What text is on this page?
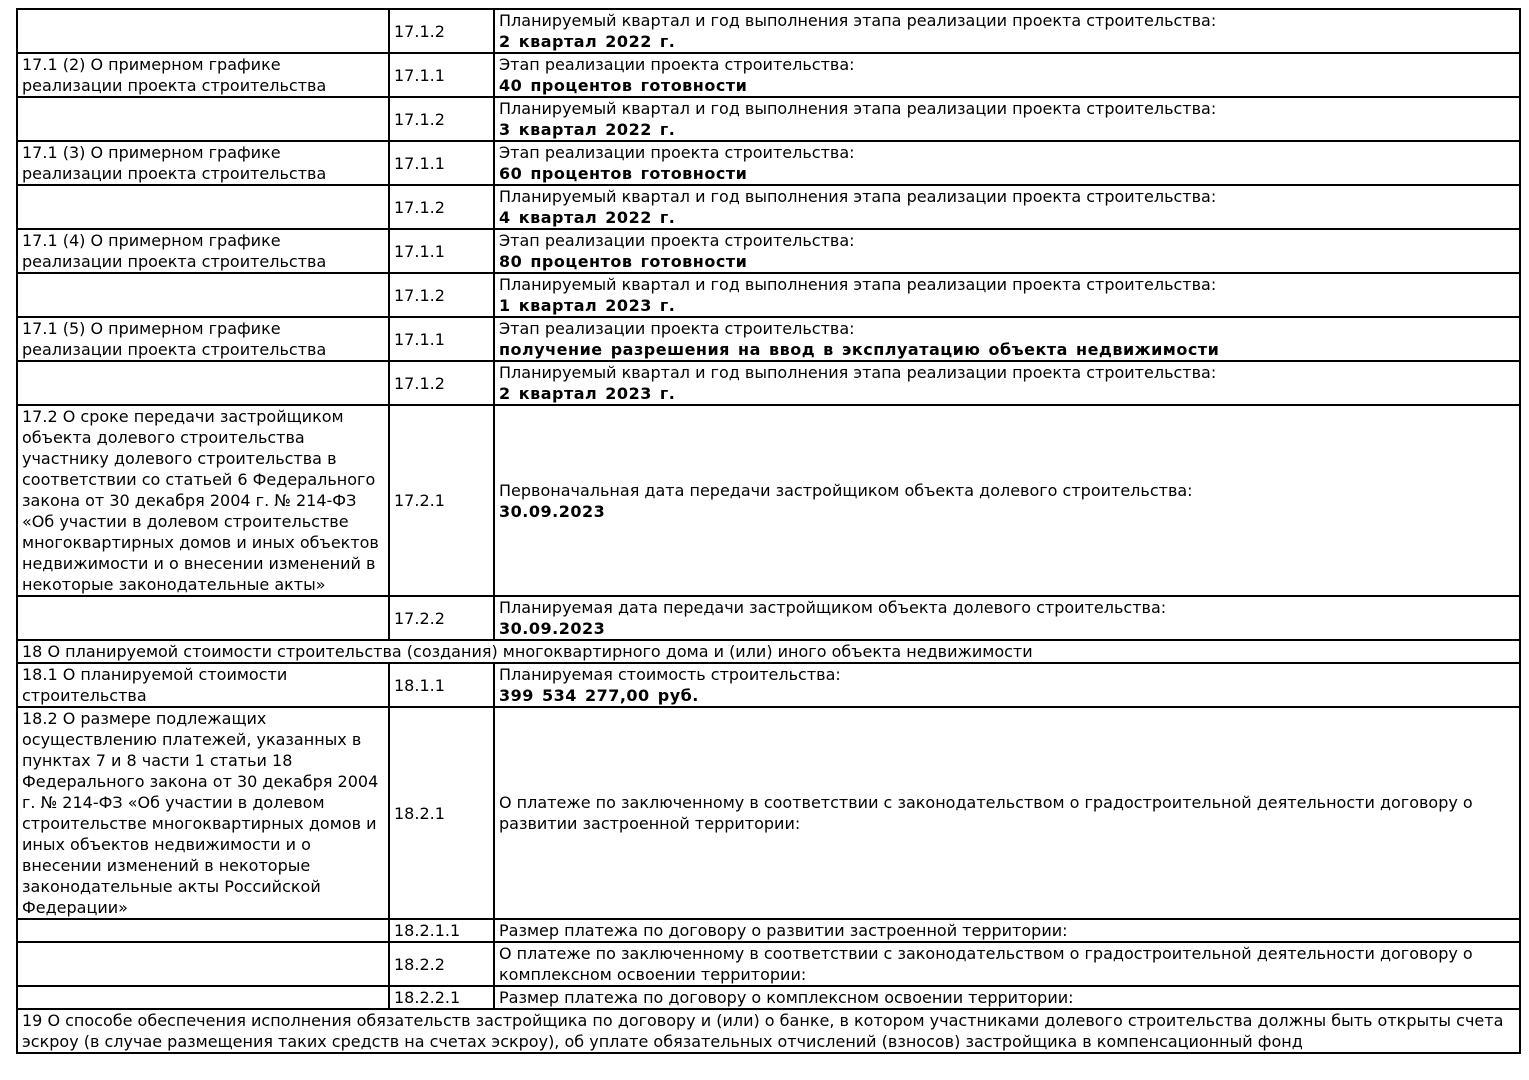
	17.1.2	Планируемый квартал и год выполнения этапа реализации проекта строительства:
2 квартал 2022 г.

17.1 (2) О примерном графике реализации проекта строительства	17.1.1	Этап реализации проекта строительства:
40 процентов готовности

	17.1.2	Планируемый квартал и год выполнения этапа реализации проекта строительства:
3 квартал 2022 г.

17.1 (3) О примерном графике реализации проекта строительства	17.1.1	Этап реализации проекта строительства:
60 процентов готовности

	17.1.2	Планируемый квартал и год выполнения этапа реализации проекта строительства:
4 квартал 2022 г.

17.1 (4) О примерном графике реализации проекта строительства	17.1.1	Этап реализации проекта строительства:
80 процентов готовности

	17.1.2	Планируемый квартал и год выполнения этапа реализации проекта строительства:
1 квартал 2023 г.

17.1 (5) О примерном графике реализации проекта строительства	17.1.1	Этап реализации проекта строительства:
получение разрешения на ввод в эксплуатацию объекта недвижимости

	17.1.2	Планируемый квартал и год выполнения этапа реализации проекта строительства:
2 квартал 2023 г.

17.2 О сроке передачи застройщиком объекта долевого строительства участнику долевого строительства в соответствии со статьей 6 Федерального закона от 30 декабря 2004 г. № 214-ФЗ «Об участии в долевом строительстве многоквартирных домов и иных объектов недвижимости и о внесении изменений в некоторые законодательные акты»	17.2.1	Первоначальная дата передачи застройщиком объекта долевого строительства:
30.09.2023

	17.2.2	Планируемая дата передачи застройщиком объекта долевого строительства:
30.09.2023

18 О планируемой стоимости строительства (создания) многоквартирного дома и (или) иного объекта недвижимости		
18.1 О планируемой стоимости строительства	18.1.1	Планируемая стоимость строительства:
399 534 277,00 руб.

18.2 О размере подлежащих осуществлению платежей, указанных в пунктах 7 и 8 части 1 статьи 18 Федерального закона от 30 декабря 2004 г. № 214-ФЗ «Об участии в долевом строительстве многоквартирных домов и иных объектов недвижимости и о внесении изменений в некоторые законодательные акты Российской Федерации»	18.2.1	О платеже по заключенному в соответствии с законодательством о градостроительной деятельности договору о развитии застроенной территории:

	18.2.1.1	Размер платежа по договору о развитии застроенной территории:

	18.2.2	О платеже по заключенному в соответствии с законодательством о градостроительной деятельности договору о комплексном освоении территории:

	18.2.2.1	Размер платежа по договору о комплексном освоении территории:

19 О способе обеспечения исполнения обязательств застройщика по договору и (или) о банке, в котором участниками долевого строительства должны быть открыты счета эскроу (в случае размещения таких средств на счетах эскроу), об уплате обязательных отчислений (взносов) застройщика в компенсационный фонд		
